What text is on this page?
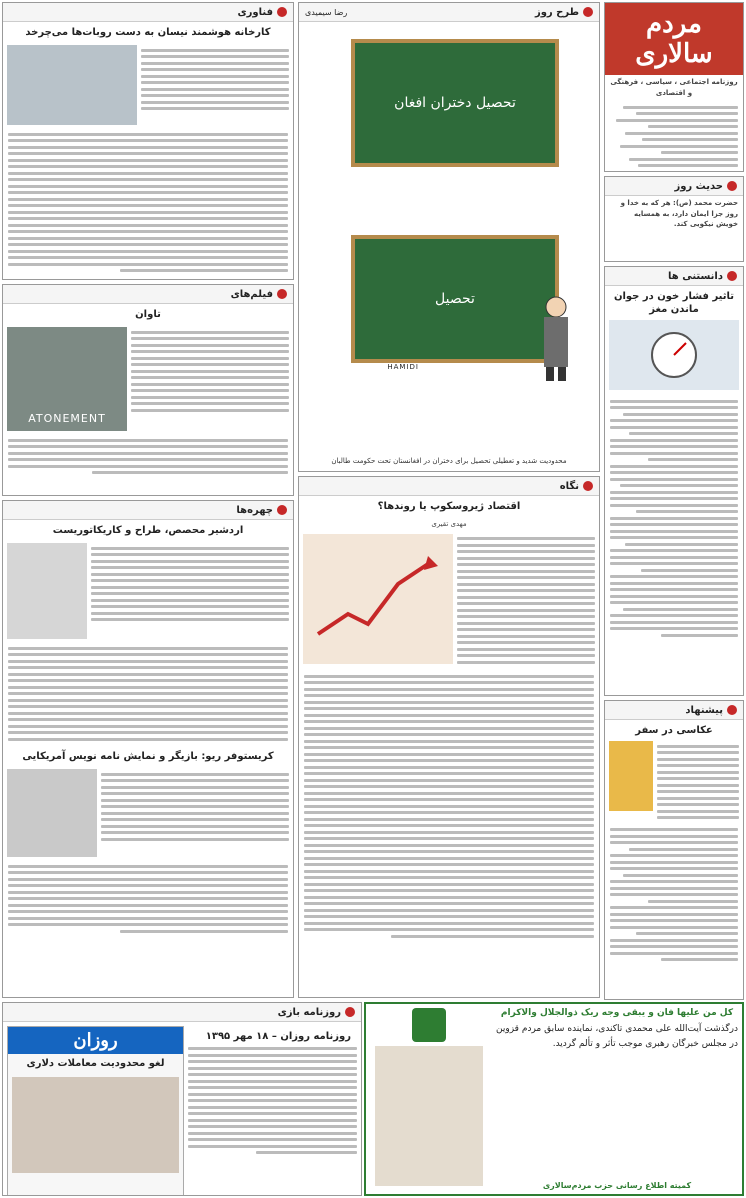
مردم سالاری
روزنامه اجتماعی ، سیاسی ، فرهنگی و اقتصادی
حدیث روز
حضرت محمد (ص): هر که به خدا و روز جزا ایمان دارد، به همسایه خویش نیکویی کند.
دانستنی ها
تاثیر فشار خون در جوان ماندن مغز
پیشنهاد
عکاسی در سفر
طرح روز
رضا سیمیدی
تحصیل دختران افغان
تحصیل
HAMIDI
محدودیت شدید و تعطیلی تحصیل برای دختران در افغانستان تحت حکومت طالبان
نگاه
اقتصاد ژیروسکوپ یا روندها؟
مهدی تقیری
فناوری
کارخانه هوشمند نیسان به دست روبات‌ها می‌چرخد
فیلم‌های
تاوان
ATONEMENT
چهره‌ها
اردشیر محصص، طراح و کاریکاتوریست
کریستوفر ریو: بازیگر و نمایش نامه نویس آمریکایی
روزنامه بازی
روزنامه روزان – ۱۸ مهر ۱۳۹۵
روزان
لغو محدودیت معاملات دلاری
کل من علیها فان و یبقی وجه ربک ذوالجلال والاکرام
درگذشت آیت‌الله علی محمدی تاکندی، نماینده سابق مردم قزوین در مجلس خبرگان رهبری موجب تأثر و تألم گردید.
کمیته اطلاع رسانی حزب مردم‌سالاری
